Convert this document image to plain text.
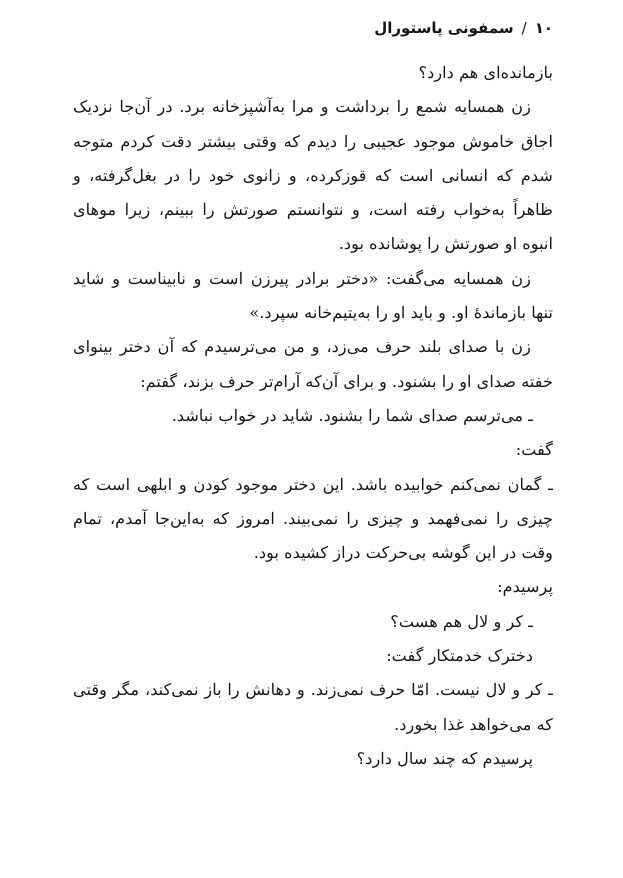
۱۰
/
سمفونی پاستورال

بازمانده‌ای هم دارد؟

زن همسایه شمع را برداشت و مرا به‌آشپزخانه برد. در آن‌جا نزدیک اجاق خاموش موجود عجیبی را دیدم که وقتی بیشتر دقت کردم متوجه شدم که انسانی است که قوزکرده، و زانوی خود را در بغل‌گرفته، و ظاهراً به‌خواب رفته است، و نتوانستم صورتش را ببینم، زیرا موهای انبوه او صورتش را پوشانده بود.

زن همسایه می‌گفت: «دختر برادر پیرزن است و نابیناست و شاید تنها بازماندهٔ او. و باید او را به‌یتیم‌خانه سپرد.»

زن با صدای بلند حرف می‌زد، و من می‌ترسیدم که آن دختر بینوای خفته صدای او را بشنود. و برای آن‌که آرام‌تر حرف بزند، گفتم:

ـ می‌ترسم صدای شما را بشنود. شاید در خواب نباشد.

گفت:

ـ گمان نمی‌کنم خوابیده باشد. این دختر موجود کودن و ابلهی است که چیزی را نمی‌فهمد و چیزی را نمی‌بیند. امروز که به‌این‌جا آمدم، تمام وقت در این گوشه بی‌حرکت دراز کشیده بود.

پرسیدم:

ـ کر و لال هم هست؟

دخترک خدمتکار گفت:

ـ کر و لال نیست. امّا حرف نمی‌زند. و دهانش را باز نمی‌کند، مگر وقتی که می‌خواهد غذا بخورد.

پرسیدم که چند سال دارد؟
